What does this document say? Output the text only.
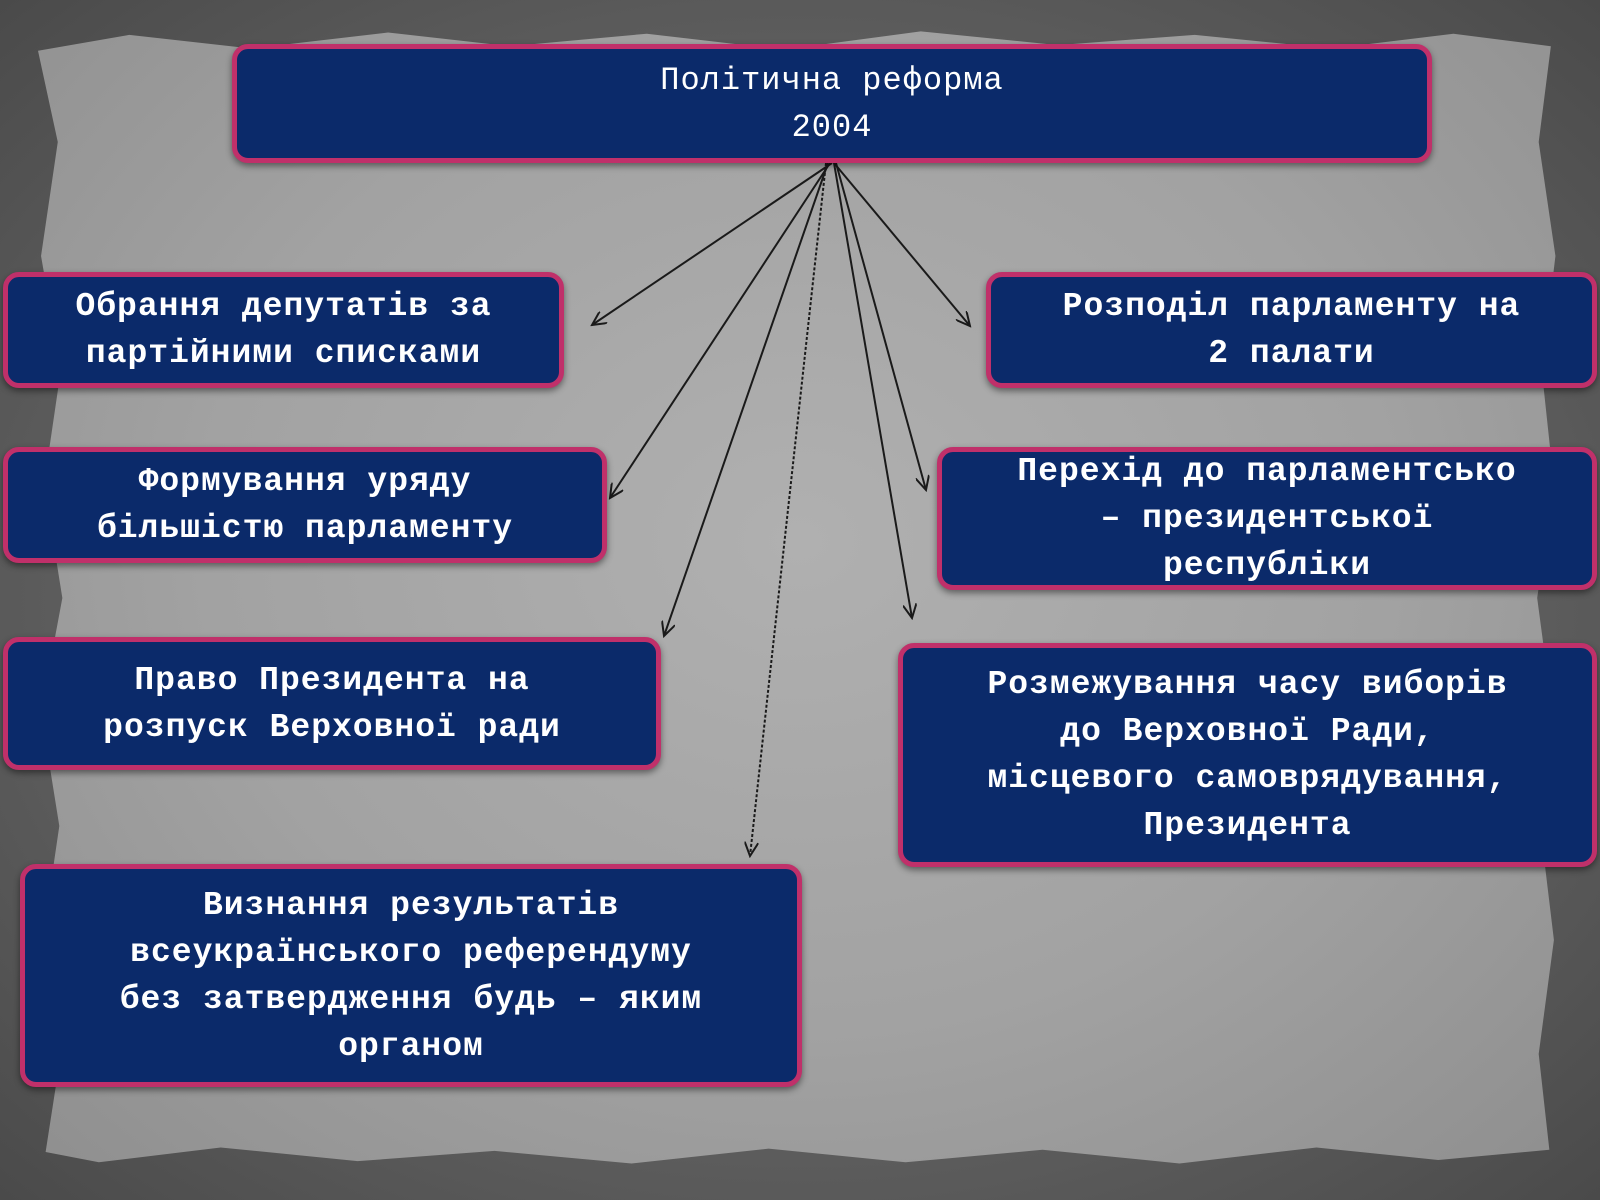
Політична реформа
2004
Обрання депутатів за
партійними списками
Формування уряду
більшістю парламенту
Право Президента на
розпуск Верховної ради
Визнання результатів
всеукраїнського референдуму
без затвердження будь – яким
органом
Розподіл парламенту на
2 палати
Перехід до парламентсько
– президентської
республіки
Розмежування часу виборів
до Верховної Ради,
місцевого самоврядування,
Президента
